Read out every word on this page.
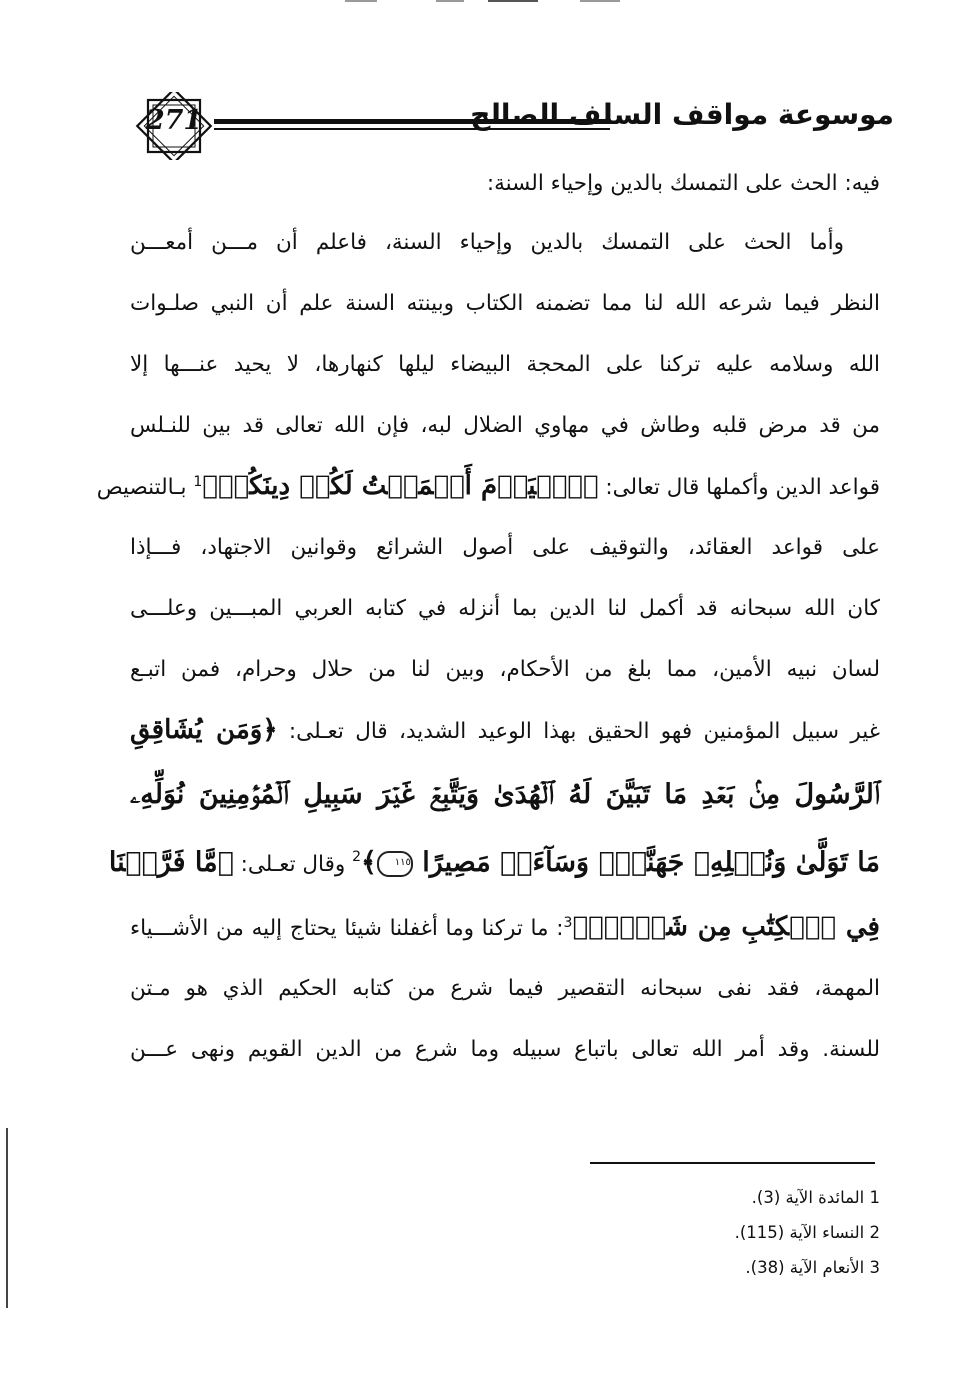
271	موسوعة مواقف السلف الصالح
فيه: الحث على التمسك بالدين وإحياء السنة:
وأما الحث على التمسك بالدين وإحياء السنة، فاعلم أن مـــن أمعـــن
النظر فيما شرعه الله لنا مما تضمنه الكتاب وبينته السنة علم أن النبي صلـوات
الله وسلامه عليه تركنا على المحجة البيضاء ليلها كنهارها، لا يحيد عنـــها إلا
من قد مرض قلبه وطاش في مهاوي الضلال لبه، فإن الله تعالى قد بين للنـلس
قواعد الدين وأكملها قال تعالى: ﴿ٱلۡيَوۡمَ أَكۡمَلۡتُ لَكُمۡ دِينَكُمۡ﴾$^1$ بـالتنصيص
على قواعد العقائد، والتوقيف على أصول الشرائع وقوانين الاجتهاد، فـــإذا
كان الله سبحانه قد أكمل لنا الدين بما أنزله في كتابه العربي المبـــين وعلـــى
لسان نبيه الأمين، مما بلغ من الأحكام، وبين لنا من حلال وحرام، فمن اتبـع
غير سبيل المؤمنين فهو الحقيق بهذا الوعيد الشديد، قال تعـلى: ﴿وَمَن يُشَاقِقِ
ٱلرَّسُولَ مِنۢ بَعۡدِ مَا تَبَيَّنَ لَهُ ٱلۡهُدَىٰ وَيَتَّبِعۡ غَيۡرَ سَبِيلِ ٱلۡمُؤۡمِنِينَ نُوَلِّهِۦ
مَا تَوَلَّىٰ وَنُصۡلِهِۦ جَهَنَّمَۖ وَسَآءَتۡ مَصِيرًا ١١٥﴾$^2$ وقال تعـلى: ﴿مَّا فَرَّطۡنَا
فِي ٱلۡكِتَٰبِ مِن شَيۡءٖۚ﴾$^3$: ما تركنا وما أغفلنا شيئا يحتاج إليه من الأشـــياء
المهمة، فقد نفى سبحانه التقصير فيما شرع من كتابه الحكيم الذي هو مـتن
للسنة. وقد أمر الله تعالى باتباع سبيله وما شرع من الدين القويم ونهى عـــن
1 المائدة الآية (3).
2 النساء الآية (115).
3 الأنعام الآية (38).
